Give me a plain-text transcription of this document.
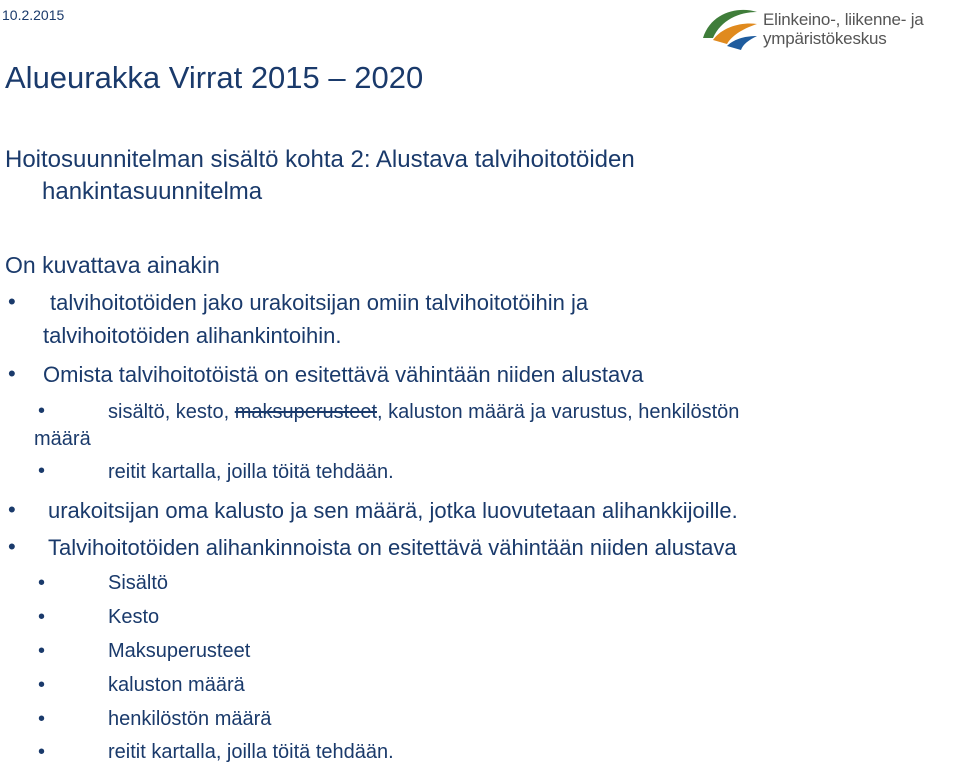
10.2.2015	Elinkeino-, liikenne- ja
ympäristökeskus
Alueurakka Virrat 2015 – 2020
Hoitosuunnitelman sisältö kohta 2: Alustava talvihoitotöiden
hankintasuunnitelma
On kuvattava ainakin
• talvihoitotöiden jako urakoitsijan omiin talvihoitotöihin ja
talvihoitotöiden alihankintoihin.
• Omista talvihoitotöistä on esitettävä vähintään niiden alustava
•	sisältö, kesto, maksuperusteet, kaluston määrä ja varustus, henkilöstön
määrä
•	reitit kartalla, joilla töitä tehdään.
• urakoitsijan oma kalusto ja sen määrä, jotka luovutetaan alihankkijoille.
• Talvihoitotöiden alihankinnoista on esitettävä vähintään niiden alustava
•	Sisältö
•	Kesto
•	Maksuperusteet
•	kaluston määrä
•	henkilöstön määrä
•	reitit kartalla, joilla töitä tehdään.
